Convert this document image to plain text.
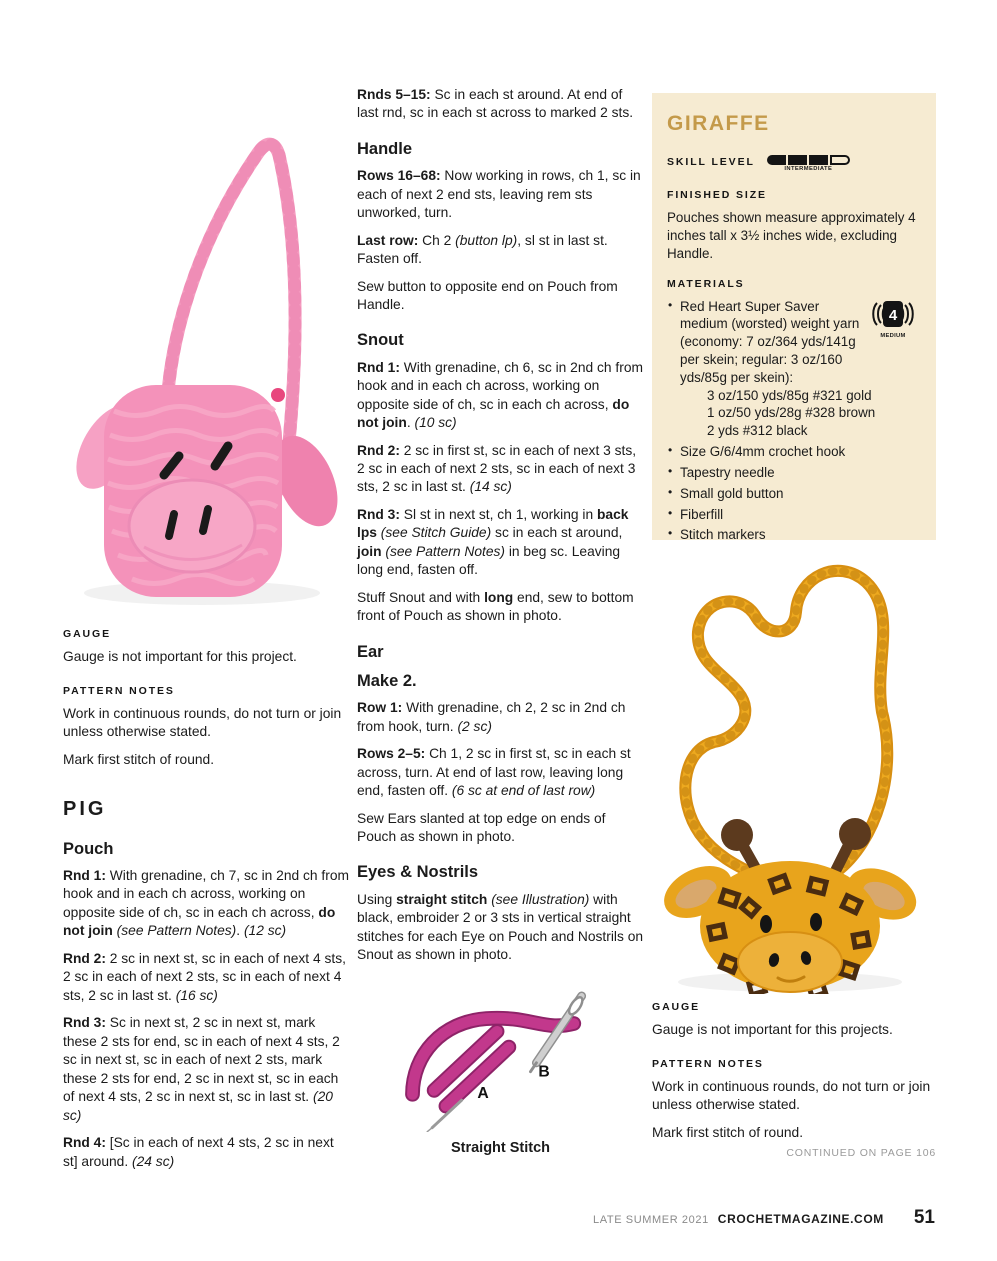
GAUGE

Gauge is not important for this project.

PATTERN NOTES

Work in continuous rounds, do not turn or join unless otherwise stated.

Mark first stitch of round.

PIG
Pouch

Rnd 1: With grenadine, ch 7, sc in 2nd ch from hook and in each ch across, working on opposite side of ch, sc in each ch across, do not join (see Pattern Notes). (12 sc)

Rnd 2: 2 sc in next st, sc in each of next 4 sts, 2 sc in each of next 2 sts, sc in each of next 4 sts, 2 sc in last st. (16 sc)

Rnd 3: Sc in next st, 2 sc in next st, mark these 2 sts for end, sc in each of next 4 sts, 2 sc in next st, sc in each of next 2 sts, mark these 2 sts for end, 2 sc in next st, sc in each of next 4 sts, 2 sc in next st, sc in last st. (20 sc)

Rnd 4: [Sc in each of next 4 sts, 2 sc in next st] around. (24 sc)

Rnds 5–15: Sc in each st around. At end of last rnd, sc in each st across to marked 2 sts.

Handle

Rows 16–68: Now working in rows, ch 1, sc in each of next 2 end sts, leaving rem sts unworked, turn.

Last row: Ch 2 (button lp), sl st in last st. Fasten off.

Sew button to opposite end on Pouch from Handle.

Snout

Rnd 1: With grenadine, ch 6, sc in 2nd ch from hook and in each ch across, working on opposite side of ch, sc in each ch across, do not join. (10 sc)

Rnd 2: 2 sc in first st, sc in each of next 3 sts, 2 sc in each of next 2 sts, sc in each of next 3 sts, 2 sc in last st. (14 sc)

Rnd 3: Sl st in next st, ch 1, working in back lps (see Stitch Guide) sc in each st around, join (see Pattern Notes) in beg sc. Leaving long end, fasten off.

Stuff Snout and with long end, sew to bottom front of Pouch as shown in photo.

Ear
Make 2.

Row 1: With grenadine, ch 2, 2 sc in 2nd ch from hook, turn. (2 sc)

Rows 2–5: Ch 1, 2 sc in first st, sc in each st across, turn. At end of last row, leaving long end, fasten off. (6 sc at end of last row)

Sew Ears slanted at top edge on ends of Pouch as shown in photo.

Eyes & Nostrils

Using straight stitch (see Illustration) with black, embroider 2 or 3 sts in vertical straight stitches for each Eye on Pouch and Nostrils on Snout as shown in photo.

A
B
Straight Stitch
GIRAFFE
SKILL LEVEL
INTERMEDIATE
FINISHED SIZE

Pouches shown measure approximately 4 inches tall x 3½ inches wide, excluding Handle.

MATERIALS
• Red Heart Super Saver medium (worsted) weight yarn (economy: 7 oz/364 yds/141g per skein; regular: 3 oz/160 yds/85g per skein):
4
MEDIUM
3 oz/150 yds/85g #321 gold
1 oz/50 yds/28g #328 brown
2 yds #312 black
• Size G/6/4mm crochet hook
• Tapestry needle
• Small gold button
• Fiberfill
• Stitch markers
GAUGE

Gauge is not important for this projects.

PATTERN NOTES

Work in continuous rounds, do not turn or join unless otherwise stated.

Mark first stitch of round.

CONTINUED ON PAGE 106
LATE SUMMER 2021 CROCHETMAGAZINE.COM 51
